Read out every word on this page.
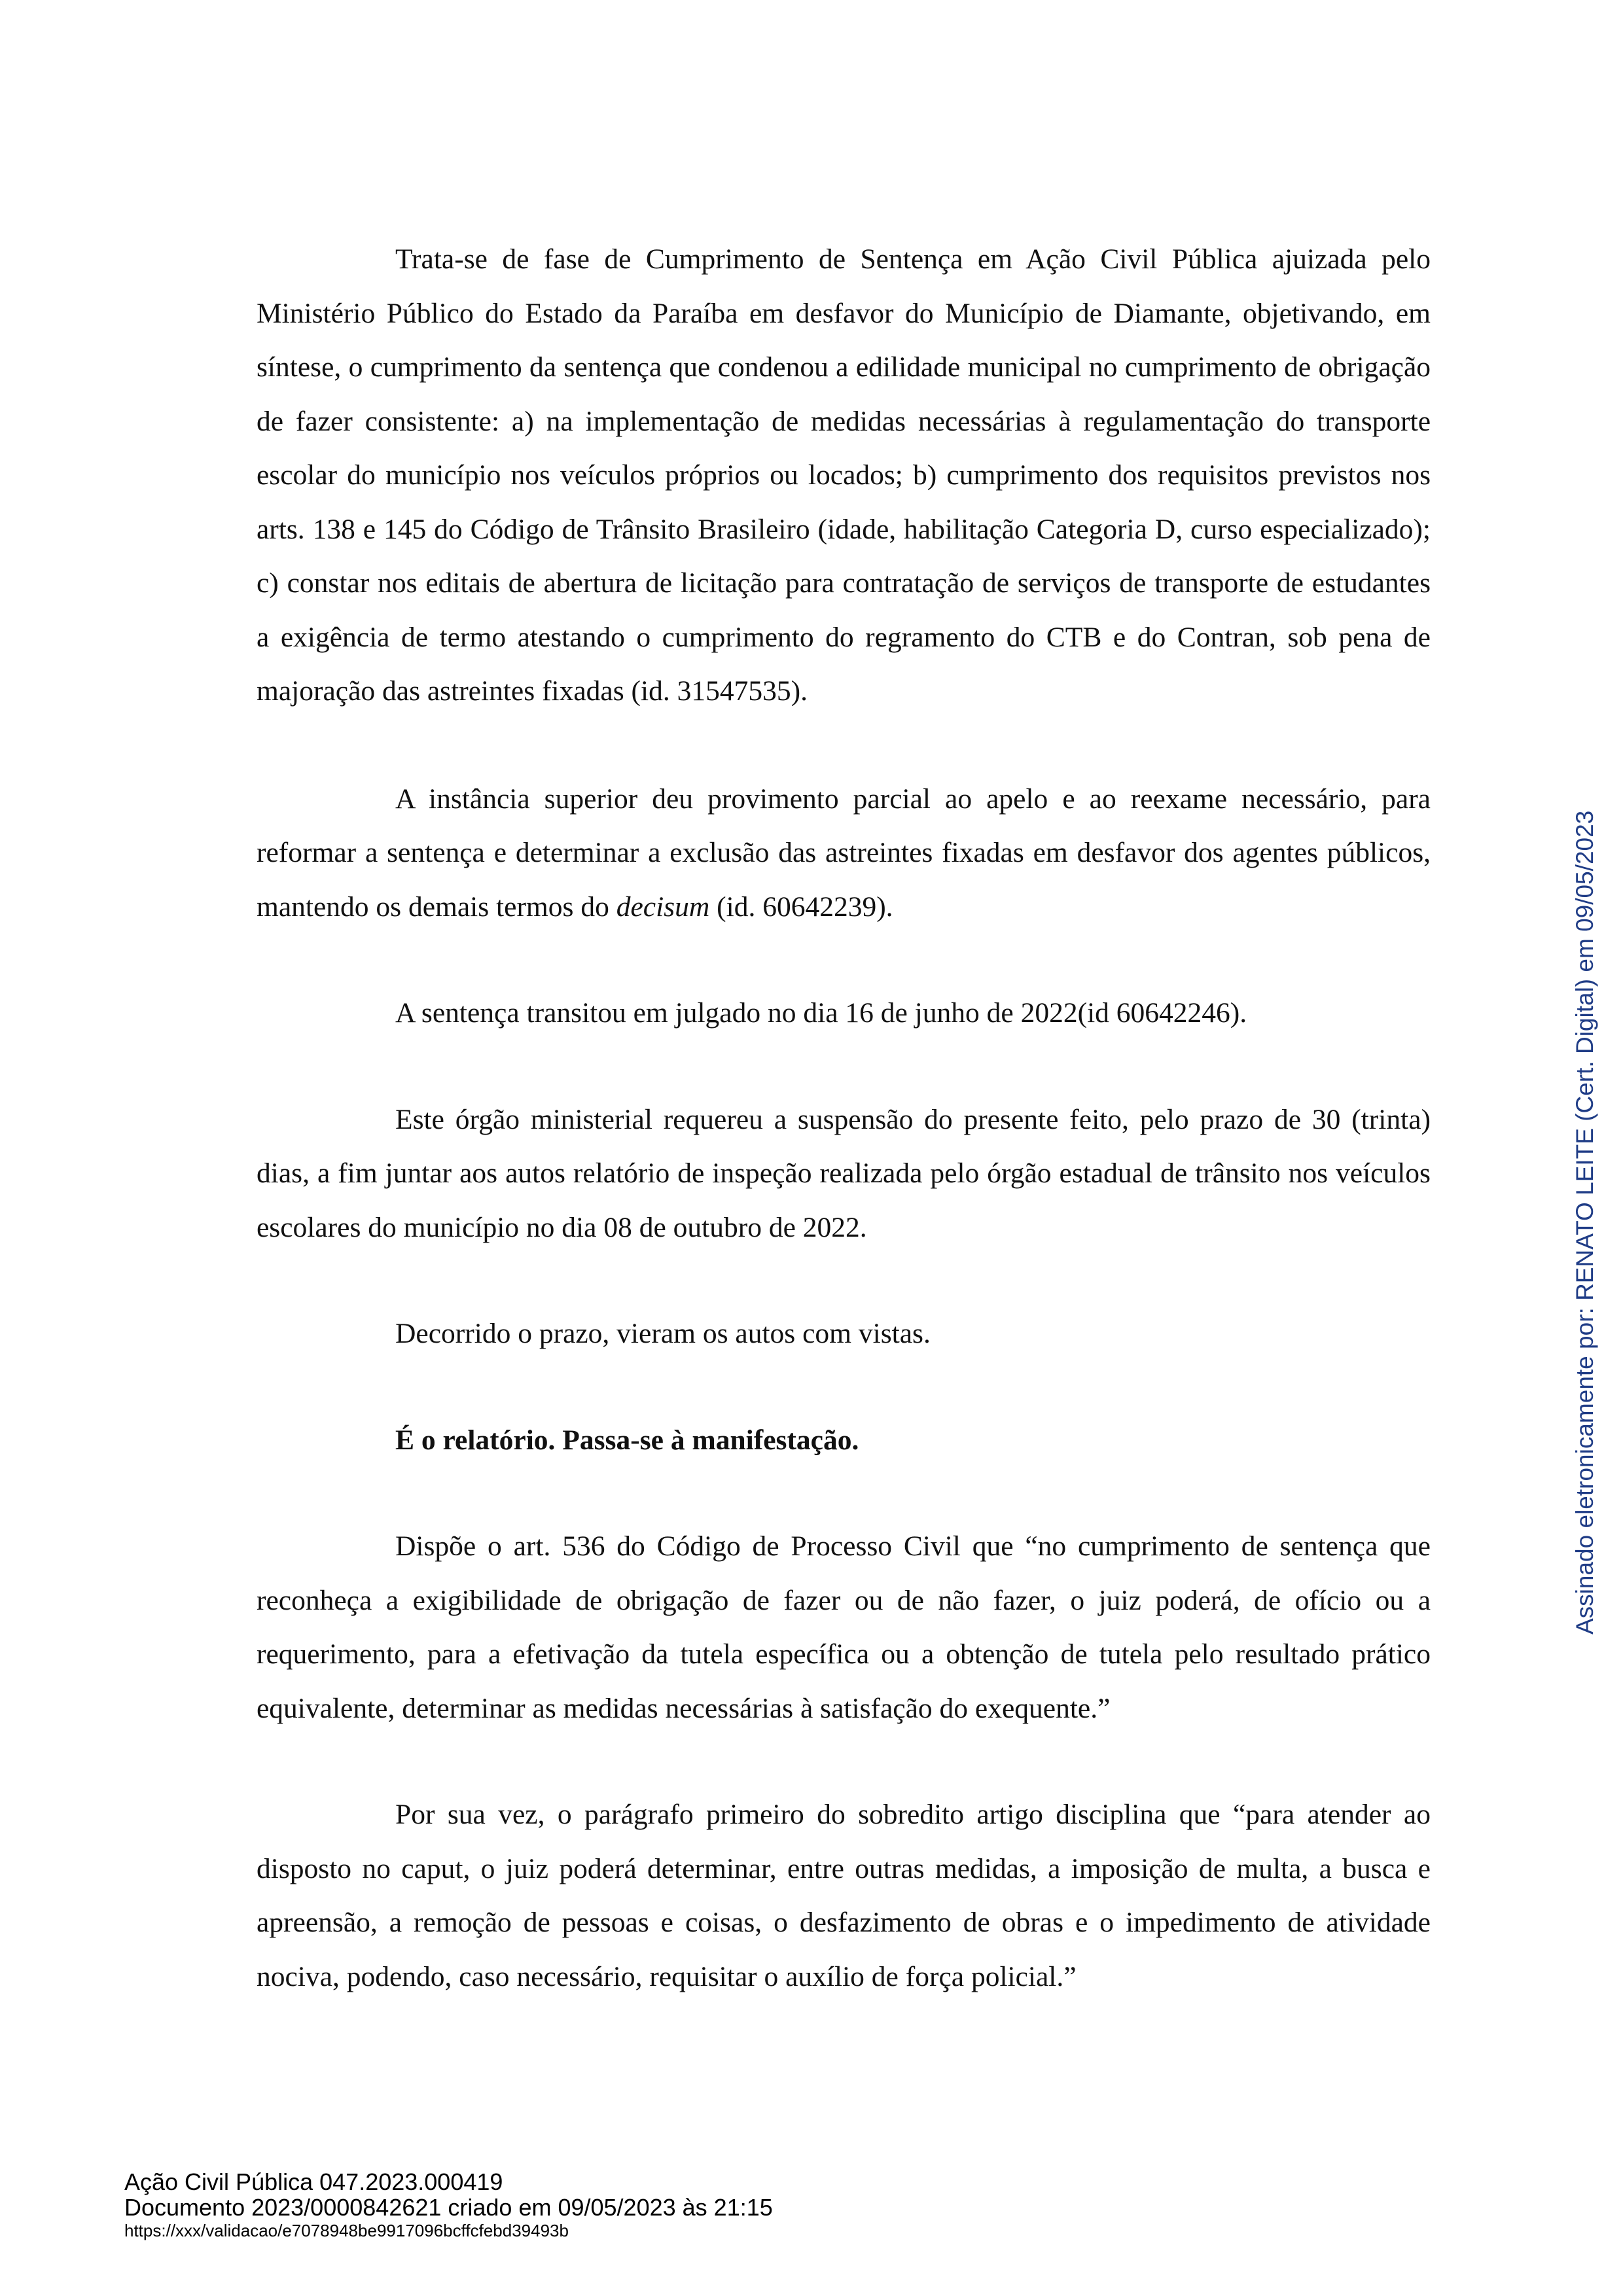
Trata-se de fase de Cumprimento de Sentença em Ação Civil Pública ajuizada pelo Ministério Público do Estado da Paraíba em desfavor do Município de Diamante, objetivando, em síntese, o cumprimento da sentença que condenou a edilidade municipal no cumprimento de obrigação de fazer consistente: a) na implementação de medidas necessárias à regulamentação do transporte escolar do município nos veículos próprios ou locados; b) cumprimento dos requisitos previstos nos arts. 138 e 145 do Código de Trânsito Brasileiro (idade, habilitação Categoria D, curso especializado); c) constar nos editais de abertura de licitação para contratação de serviços de transporte de estudantes a exigência de termo atestando o cumprimento do regramento do CTB e do Contran, sob pena de majoração das astreintes fixadas (id. 31547535).

A instância superior deu provimento parcial ao apelo e ao reexame necessário, para reformar a sentença e determinar a exclusão das astreintes fixadas em desfavor dos agentes públicos, mantendo os demais termos do decisum (id. 60642239).

A sentença transitou em julgado no dia 16 de junho de 2022(id 60642246).

Este órgão ministerial requereu a suspensão do presente feito, pelo prazo de 30 (trinta) dias, a fim juntar aos autos relatório de inspeção realizada pelo órgão estadual de trânsito nos veículos escolares do município no dia 08 de outubro de 2022.

Decorrido o prazo, vieram os autos com vistas.

É o relatório. Passa-se à manifestação.

Dispõe o art. 536 do Código de Processo Civil que “no cumprimento de sentença que reconheça a exigibilidade de obrigação de fazer ou de não fazer, o juiz poderá, de ofício ou a requerimento, para a efetivação da tutela específica ou a obtenção de tutela pelo resultado prático equivalente, determinar as medidas necessárias à satisfação do exequente.”

Por sua vez, o parágrafo primeiro do sobredito artigo disciplina que “para atender ao disposto no caput, o juiz poderá determinar, entre outras medidas, a imposição de multa, a busca e apreensão, a remoção de pessoas e coisas, o desfazimento de obras e o impedimento de atividade nociva, podendo, caso necessário, requisitar o auxílio de força policial.”

Assinado eletronicamente por: RENATO LEITE (Cert. Digital) em 09/05/2023
Ação Civil Pública 047.2023.000419
Documento 2023/0000842621 criado em 09/05/2023 às 21:15
https://xxx/validacao/e7078948be9917096bcffcfebd39493b
